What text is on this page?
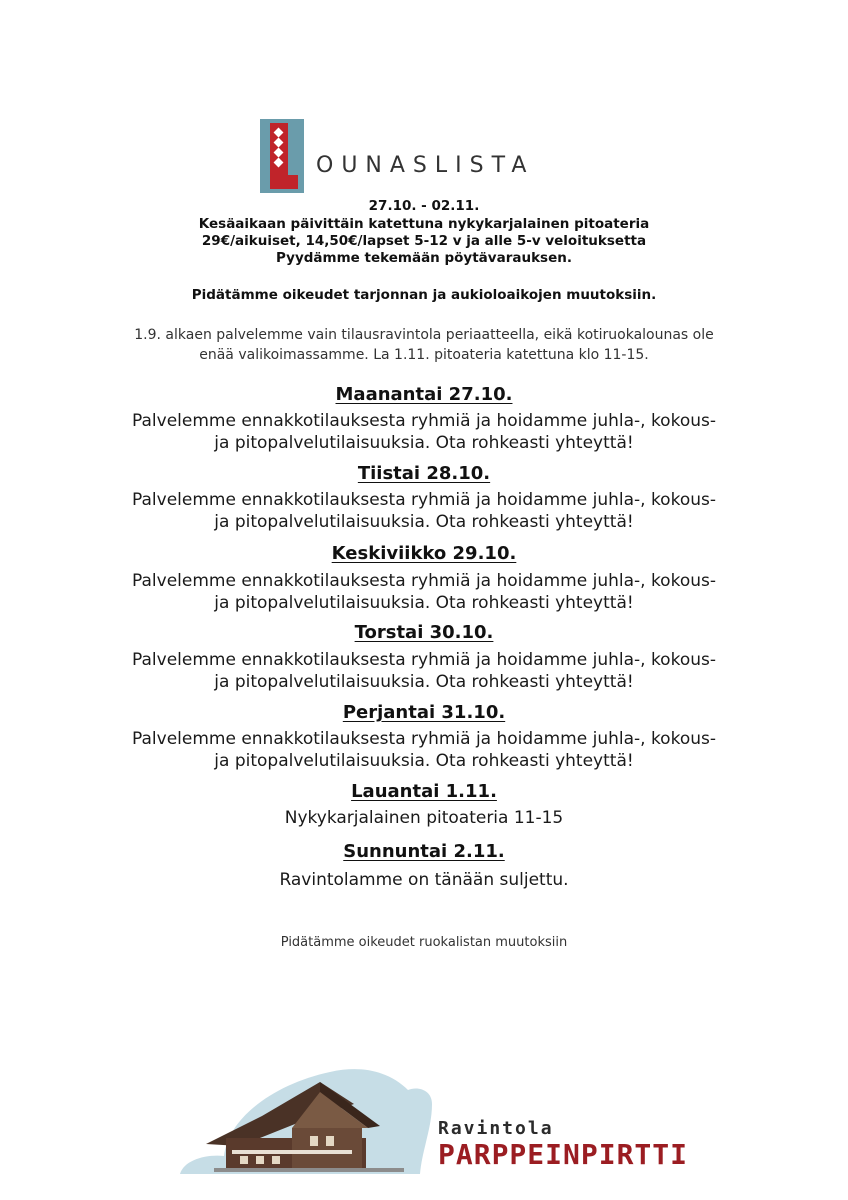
OUNASLISTA
27.10. - 02.11.
Kesäaikaan päivittäin katettuna nykykarjalainen pitoateria
29€/aikuiset, 14,50€/lapset 5-12 v ja alle 5-v veloituksetta
Pyydämme tekemään pöytävarauksen.
Pidätämme oikeudet tarjonnan ja aukioloaikojen muutoksiin.
1.9. alkaen palvelemme vain tilausravintola periaatteella, eikä kotiruokalounas ole
enää valikoimassamme. La 1.11. pitoateria katettuna klo 11-15.
Maanantai 27.10.
Palvelemme ennakkotilauksesta ryhmiä ja hoidamme juhla-, kokous-
ja pitopalvelutilaisuuksia. Ota rohkeasti yhteyttä!
Tiistai 28.10.
Palvelemme ennakkotilauksesta ryhmiä ja hoidamme juhla-, kokous-
ja pitopalvelutilaisuuksia. Ota rohkeasti yhteyttä!
Keskiviikko 29.10.
Palvelemme ennakkotilauksesta ryhmiä ja hoidamme juhla-, kokous-
ja pitopalvelutilaisuuksia. Ota rohkeasti yhteyttä!
Torstai 30.10.
Palvelemme ennakkotilauksesta ryhmiä ja hoidamme juhla-, kokous-
ja pitopalvelutilaisuuksia. Ota rohkeasti yhteyttä!
Perjantai 31.10.
Palvelemme ennakkotilauksesta ryhmiä ja hoidamme juhla-, kokous-
ja pitopalvelutilaisuuksia. Ota rohkeasti yhteyttä!
Lauantai 1.11.
Nykykarjalainen pitoateria 11-15
Sunnuntai 2.11.
Ravintolamme on tänään suljettu.
Pidätämme oikeudet ruokalistan muutoksiin
Ravintola
PARPPEINPIRTTI
